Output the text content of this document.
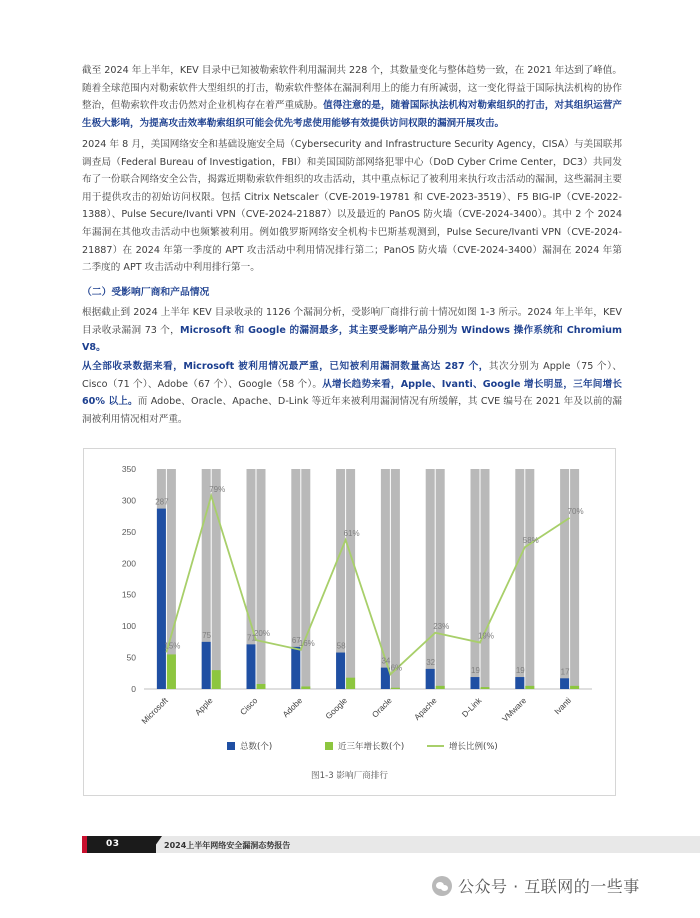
截至 2024 年上半年，KEV 目录中已知被勒索软件利用漏洞共 228 个，其数量变化与整体趋势一致，在 2021 年达到了峰值。随着全球范围内对勒索软件大型组织的打击，勒索软件整体在漏洞利用上的能力有所减弱，这一变化得益于国际执法机构的协作整治，但勒索软件攻击仍然对企业机构存在着严重威胁。值得注意的是，随着国际执法机构对勒索组织的打击，对其组织运营产生极大影响，为提高攻击效率勒索组织可能会优先考虑使用能够有效提供访问权限的漏洞开展攻击。
2024 年 8 月，美国网络安全和基础设施安全局（Cybersecurity and Infrastructure Security Agency，CISA）与美国联邦调查局（Federal Bureau of Investigation，FBI）和美国国防部网络犯罪中心（DoD Cyber Crime Center，DC3）共同发布了一份联合网络安全公告，揭露近期勒索软件组织的攻击活动，其中重点标记了被利用来执行攻击活动的漏洞，这些漏洞主要用于提供攻击的初始访问权限。包括 Citrix Netscaler（CVE-2019-19781 和 CVE-2023-3519）、F5 BIG-IP（CVE-2022-1388）、Pulse Secure/Ivanti VPN（CVE-2024-21887）以及最近的 PanOS 防火墙（CVE-2024-3400）。其中 2 个 2024 年漏洞在其他攻击活动中也频繁被利用。例如俄罗斯网络安全机构卡巴斯基观测到，Pulse Secure/Ivanti VPN（CVE-2024-21887）在 2024 年第一季度的 APT 攻击活动中利用情况排行第二；PanOS 防火墙（CVE-2024-3400）漏洞在 2024 年第二季度的 APT 攻击活动中利用排行第一。
（二）受影响厂商和产品情况
根据截止到 2024 上半年 KEV 目录收录的 1126 个漏洞分析，受影响厂商排行前十情况如图 1-3 所示。2024 年上半年，KEV 目录收录漏洞 73 个，Microsoft 和 Google 的漏洞最多，其主要受影响产品分别为 Windows 操作系统和 Chromium V8。
从全部收录数据来看，Microsoft 被利用情况最严重，已知被利用漏洞数量高达 287 个，其次分别为 Apple（75 个）、Cisco（71 个）、Adobe（67 个）、Google（58 个）。从增长趋势来看，Apple、Ivanti、Google 增长明显，三年间增长 60% 以上。而 Adobe、Oracle、Apache、D-Link 等近年来被利用漏洞情况有所缓解，其 CVE 编号在 2021 年及以前的漏洞被利用情况相对严重。
0
50
100
150
200
250
300
350
Microsoft	Apple	Cisco	Adobe Google	Oracle Apache	D-Link VMware	Ivanti
287
15%
75
79%
71
20%
67
16%	58
61%
34
6%
32
23%
19
19%
19
58%
17
70%
总数(个)	近三年增长数(个)	增长比例(%)
图1-3 影响厂商排行
03	2024上半年网络安全漏洞态势报告
公众号 · 互联网的一些事
